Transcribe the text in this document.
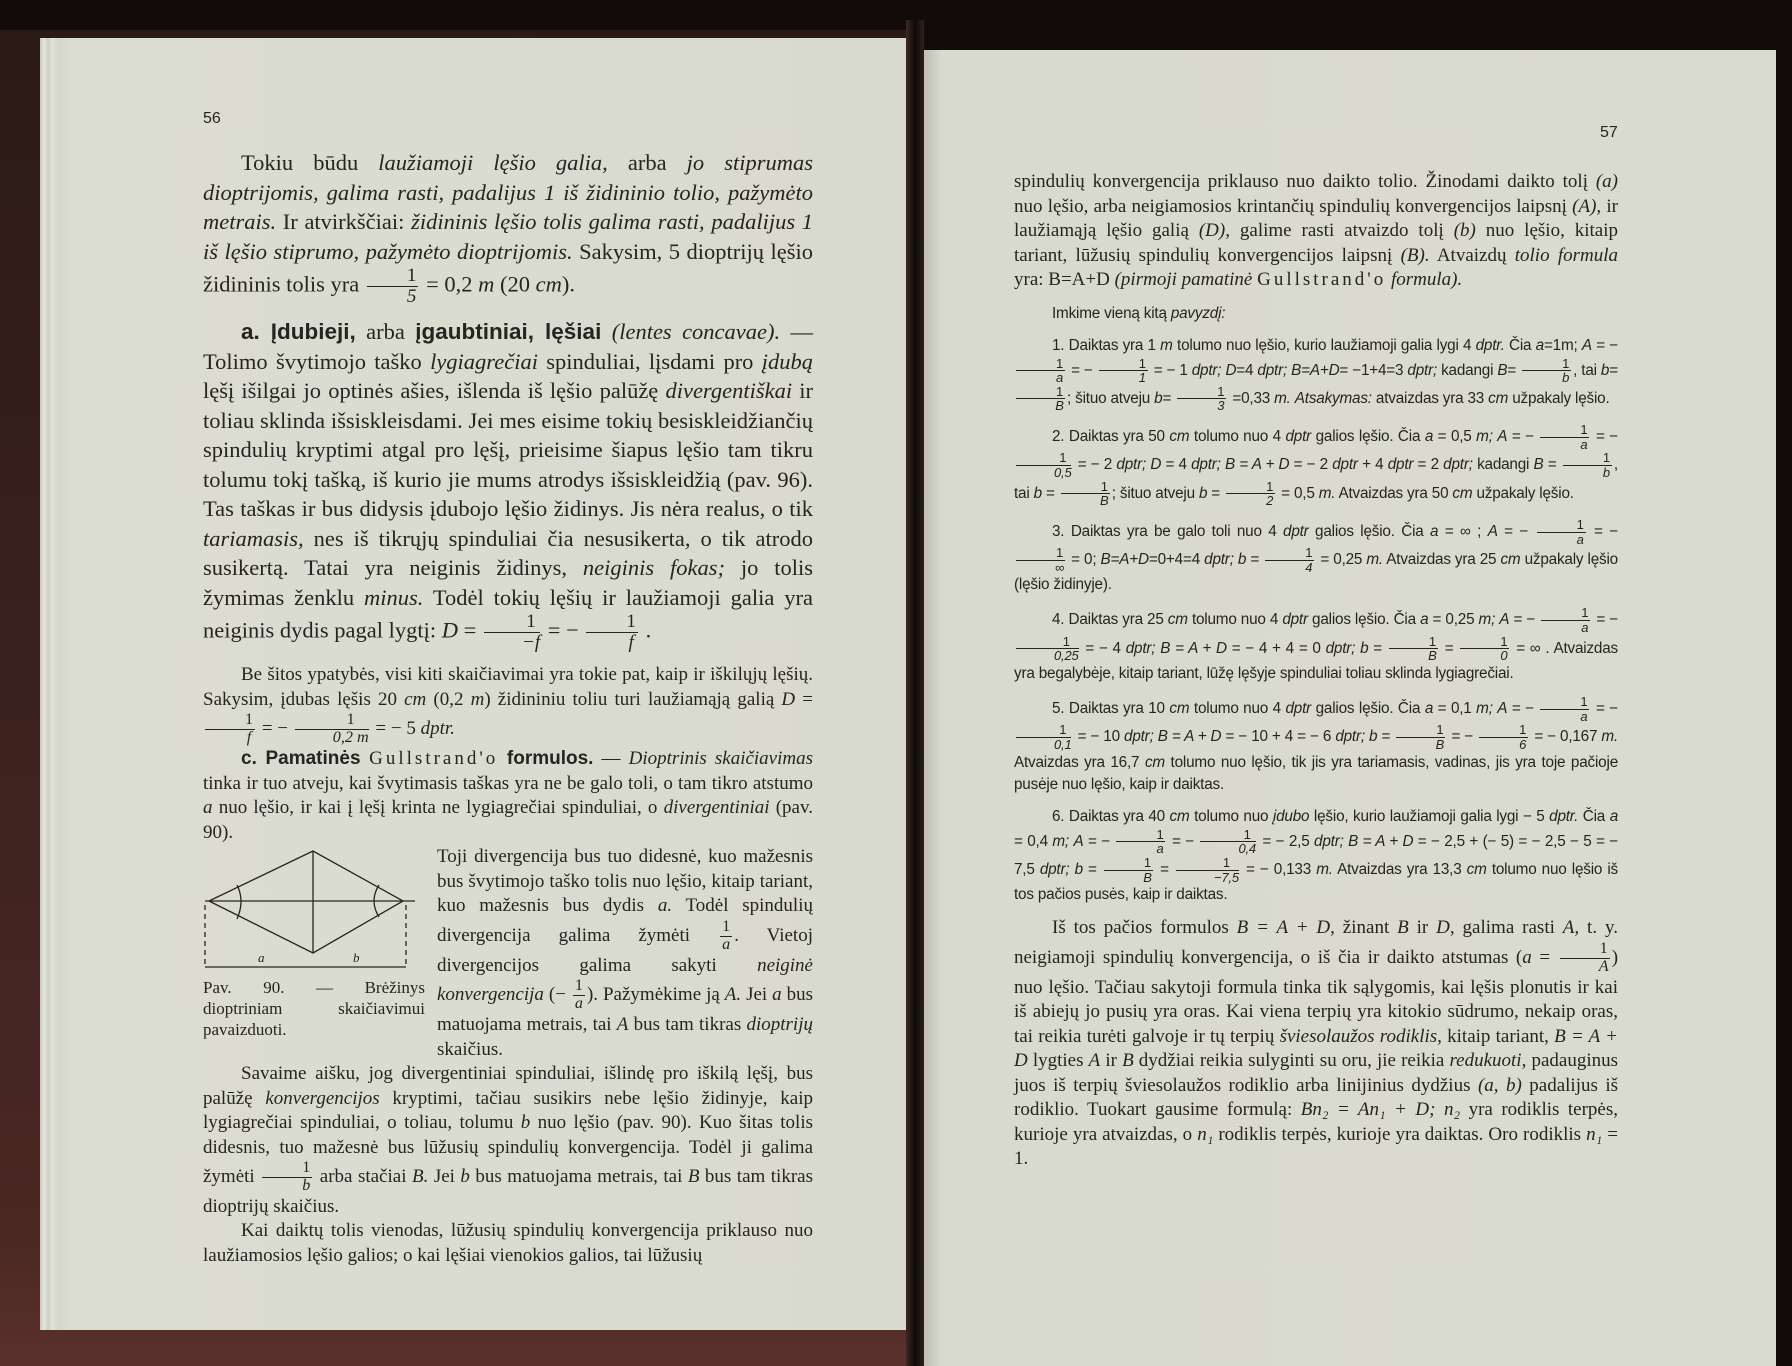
56
57

Tokiu būdu laužiamoji lęšio galia, arba jo stiprumas dioptrijomis, galima rasti, padalijus 1 iš židininio tolio, pažymėto metrais. Ir atvirkščiai: židininis lęšio tolis galima rasti, padalijus 1 iš lęšio stiprumo, pažymėto dioptrijomis. Sakysim, 5 dioptrijų lęšio židininis tolis yra $\frac{1}{5} = 0,2$ m (20 cm).

a. Įdubieji, arba įgaubtiniai, lęšiai (lentes concavae). — Tolimo švytimojo taško lygiagrečiai spinduliai, lįsdami pro įdubą lęšį išilgai jo optinės ašies, išlenda iš lęšio palūžę divergentiškai ir toliau sklinda išsiskleisdami. Jei mes eisime tokių besiskleidžiančių spindulių kryptimi atgal pro lęšį, prieisime šiapus lęšio tam tikru tolumu tokį tašką, iš kurio jie mums atrodys išsiskleidžią (pav. 96). Tas taškas ir bus didysis įdubojo lęšio židinys. Jis nėra realus, o tik tariamasis, nes iš tikrųjų spinduliai čia nesusikerta, o tik atrodo susikertą. Tatai yra neiginis židinys, neiginis fokas; jo tolis žymimas ženklu minus. Todėl tokių lęšių ir laužiamoji galia yra neiginis dydis pagal lygtį: $D = \frac{1}{-f}$ = − $\frac{1}{f}$ .

Be šitos ypatybės, visi kiti skaičiavimai yra tokie pat, kaip ir iškilųjų lęšių. Sakysim, įdubas lęšis 20 cm (0,2 m) židininiu toliu turi laužiamąją galią D =
$\frac{1}{f}$ = − $\frac{1}{0,2 m}$ = − 5 dptr.

c. Pamatinės Gullstrand'o formulos. — Dioptrinis skaičiavimas tinka ir tuo atveju, kai švytimasis taškas yra ne be galo toli, o tam tikro atstumo a nuo lęšio, ir kai į lęšį krinta ne lygiagrečiai spinduliai, o divergentiniai (pav. 90).

a	b
Pav. 90. — Brėžinys dioptriniam skaičiavimui pavaizduoti.
Toji divergencija bus tuo didesnė, kuo mažesnis bus švytimojo taško tolis nuo lęšio, kitaip tariant, kuo mažesnis bus dydis a. Todėl spindulių divergencija galima žymėti $\frac{1}{a}$ . Vietoj divergencijos galima sakyti neiginė konvergencija (− $\frac{1}{a}$ ). Pažymėkime ją A. Jei a bus matuojama metrais, tai A bus tam tikras dioptrijų skaičius.

Savaime aišku, jog divergentiniai spinduliai, išlindę pro iškilą lęšį, bus palūžę konvergencijos kryptimi, tačiau susikirs nebe lęšio židinyje, kaip lygiagrečiai spinduliai, o toliau, tolumu b nuo lęšio (pav. 90). Kuo šitas tolis didesnis, tuo mažesnė bus lūžusių spindulių konvergencija. Todėl ji galima žymėti $\frac{1}{b}$ arba stačiai B. Jei b bus matuojama metrais, tai B bus tam tikras dioptrijų skaičius.

Kai daiktų tolis vienodas, lūžusių spindulių konvergencija priklauso nuo laužiamosios lęšio galios; o kai lęšiai vienokios galios, tai lūžusių

spindulių konvergencija priklauso nuo daikto tolio. Žinodami daikto tolį (a) nuo lęšio, arba neigiamosios krintančių spindulių konvergencijos laipsnį (A), ir laužiamąją lęšio galią (D), galime rasti atvaizdo tolį (b) nuo lęšio, kitaip tariant, lūžusių spindulių konvergencijos laipsnį (B). Atvaizdų tolio formula yra: B=A+D (pirmoji pamatinė Gullstrand'o formula).

Imkime vieną kitą pavyzdį:

1. Daiktas yra 1 m tolumo nuo lęšio, kurio laužiamoji galia lygi 4 dptr. Čia a=1m; A = −
$\frac{1}{a}$ = − $\frac{1}{1}$ = − 1 dptr; D=4 dptr; B=A+D= −1+4=3 dptr; kadangi $B= \frac{1}{b}$ , tai b=
$\frac{1}{B}$ ; šituo atveju $b= \frac{1}{3} =0,33$ m. Atsakymas: atvaizdas yra 33 cm užpakaly lęšio.

2. Daiktas yra 50 cm tolumo nuo 4 dptr galios lęšio. Čia a = 0,5 m; A = − $\frac{1}{a}$ = −
$\frac{1}{0,5}$ = − 2 dptr; D = 4 dptr; B = A + D = − 2 dptr + 4 dptr = 2 dptr; kadangi $B = \frac{1}{b}$ , tai $b = \frac{1}{B}$ ; šituo atveju $b = \frac{1}{2} = 0,5$ m. Atvaizdas yra 50 cm užpakaly lęšio.

3. Daiktas yra be galo toli nuo 4 dptr galios lęšio. Čia a = ∞ ; A = − $\frac{1}{a}$ = −
$\frac{1}{\infty} = 0$; B=A+D=0+4=4 dptr; $b = \frac{1}{4} = 0,25$ m. Atvaizdas yra 25 cm užpakaly lęšio (lęšio židinyje).

4. Daiktas yra 25 cm tolumo nuo 4 dptr galios lęšio. Čia a = 0,25 m; A = − $\frac{1}{a}$ = −
$\frac{1}{0,25}$ = − 4 dptr; B = A + D = − 4 + 4 = 0 dptr; $b = \frac{1}{B} = \frac{1}{0}$ = ∞ . Atvaizdas yra begalybėje, kitaip tariant, lūžę lęšyje spinduliai toliau sklinda lygiagrečiai.

5. Daiktas yra 10 cm tolumo nuo 4 dptr galios lęšio. Čia a = 0,1 m; A = − $\frac{1}{a}$ = −
$\frac{1}{0,1}$ = − 10 dptr; B = A + D = − 10 + 4 = − 6 dptr; $b = \frac{1}{B}$ = − $\frac{1}{6}$ = − 0,167 m. Atvaizdas yra 16,7 cm tolumo nuo lęšio, tik jis yra tariamasis, vadinas, jis yra toje pačioje pusėje nuo lęšio, kaip ir daiktas.

6. Daiktas yra 40 cm tolumo nuo įdubo lęšio, kurio laužiamoji galia lygi − 5 dptr. Čia a = 0,4 m; A = − $\frac{1}{a}$ = − $\frac{1}{0,4}$ = − 2,5 dptr; B = A + D = − 2,5 + (− 5) = − 2,5 − 5 = − 7,5 dptr; $b = \frac{1}{B} = \frac{1}{-7,5}$ = − 0,133 m. Atvaizdas yra 13,3 cm tolumo nuo lęšio iš tos pačios pusės, kaip ir daiktas.

Iš tos pačios formulos B = A + D, žinant B ir D, galima rasti A, t. y. neigiamoji spindulių konvergencija, o iš čia ir daikto atstumas ($a = \frac{1}{A}$ ) nuo lęšio. Tačiau sakytoji formula tinka tik sąlygomis, kai lęšis plonutis ir kai iš abiejų jo pusių yra oras. Kai viena terpių yra kitokio sūdrumo, nekaip oras, tai reikia turėti galvoje ir tų terpių šviesolaužos rodiklis, kitaip tariant, B = A + D lygties A ir B dydžiai reikia sulyginti su oru, jie reikia redukuoti, padauginus juos iš terpių šviesolaužos rodiklio arba linijinius dydžius (a, b) padalijus iš rodiklio. Tuokart gausime formulą: Bn₂ = An₁ + D; n₂ yra rodiklis terpės, kurioje yra atvaizdas, o n₁ rodiklis terpės, kurioje yra daiktas. Oro rodiklis n₁ = 1.
